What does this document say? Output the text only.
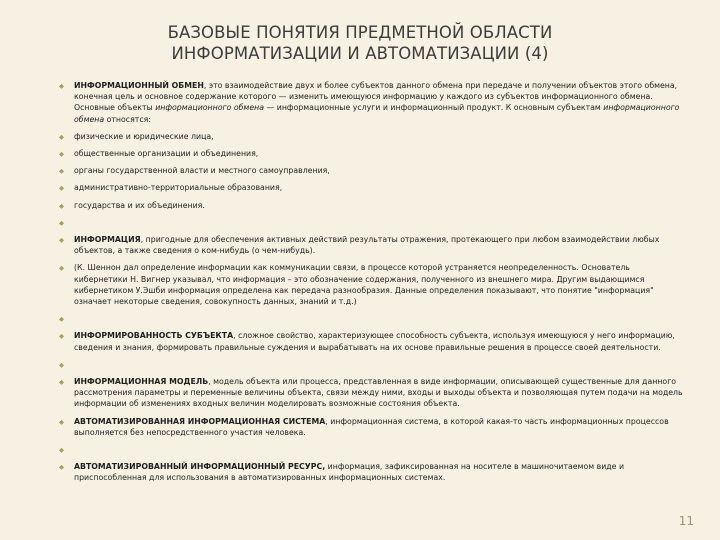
БАЗОВЫЕ ПОНЯТИЯ ПРЕДМЕТНОЙ ОБЛАСТИ
ИНФОРМАТИЗАЦИИ И АВТОМАТИЗАЦИИ (4)
◆ ИНФОРМАЦИОННЫЙ ОБМЕН, это взаимодействие двух и более субъектов данного обмена при передаче и получении объектов этого обмена, конечная цель и основное содержание которого — изменить имеющуюся информацию у каждого из субъектов информационного обмена. Основные объекты информационного обмена — информационные услуги и информационный продукт. К основным субъектам информационного обмена относятся:
◆ физические и юридические лица,
◆ общественные организации и объединения,
◆ органы государственной власти и местного самоуправления,
◆ административно-территориальные образования,
◆ государства и их объединения.
◆
◆ ИНФОРМАЦИЯ, пригодные для обеспечения активных действий результаты отражения, протекающего при любом взаимодействии любых объектов, а также сведения о ком-нибудь (о чем-нибудь).
◆ (К. Шеннон дал определение информации как коммуникации связи, в процессе которой устраняется неопределенность. Основатель кибернетики Н. Вигнер указывал, что информация – это обозначение содержания, полученного из внешнего мира. Другим выдающимся кибернетиком У.Эшби информация определена как передача разнообразия. Данные определения показывают, что понятие "информация" означает некоторые сведения, совокупность данных, знаний и т.д.)
◆
◆ ИНФОРМИРОВАННОСТЬ СУБЪЕКТА, сложное свойство, характеризующее способность субъекта, используя имеющуюся у него информацию, сведения и знания, формировать правильные суждения и вырабатывать на их основе правильные решения в процессе своей деятельности.
◆
◆ ИНФОРМАЦИОННАЯ МОДЕЛЬ, модель объекта или процесса, представленная в виде информации, описывающей существенные для данного рассмотрения параметры и переменные величины объекта, связи между ними, входы и выходы объекта и позволяющая путем подачи на модель информации об изменениях входных величин моделировать возможные состояния объекта.
◆ АВТОМАТИЗИРОВАННАЯ ИНФОРМАЦИОННАЯ СИСТЕМА, информационная система, в которой какая-то часть информационных процессов выполняется без непосредственного участия человека.
◆
◆ АВТОМАТИЗИРОВАННЫЙ ИНФОРМАЦИОННЫЙ РЕСУРС, информация, зафиксированная на носителе в машиночитаемом виде и приспособленная для использования в автоматизированных информационных системах.
11
